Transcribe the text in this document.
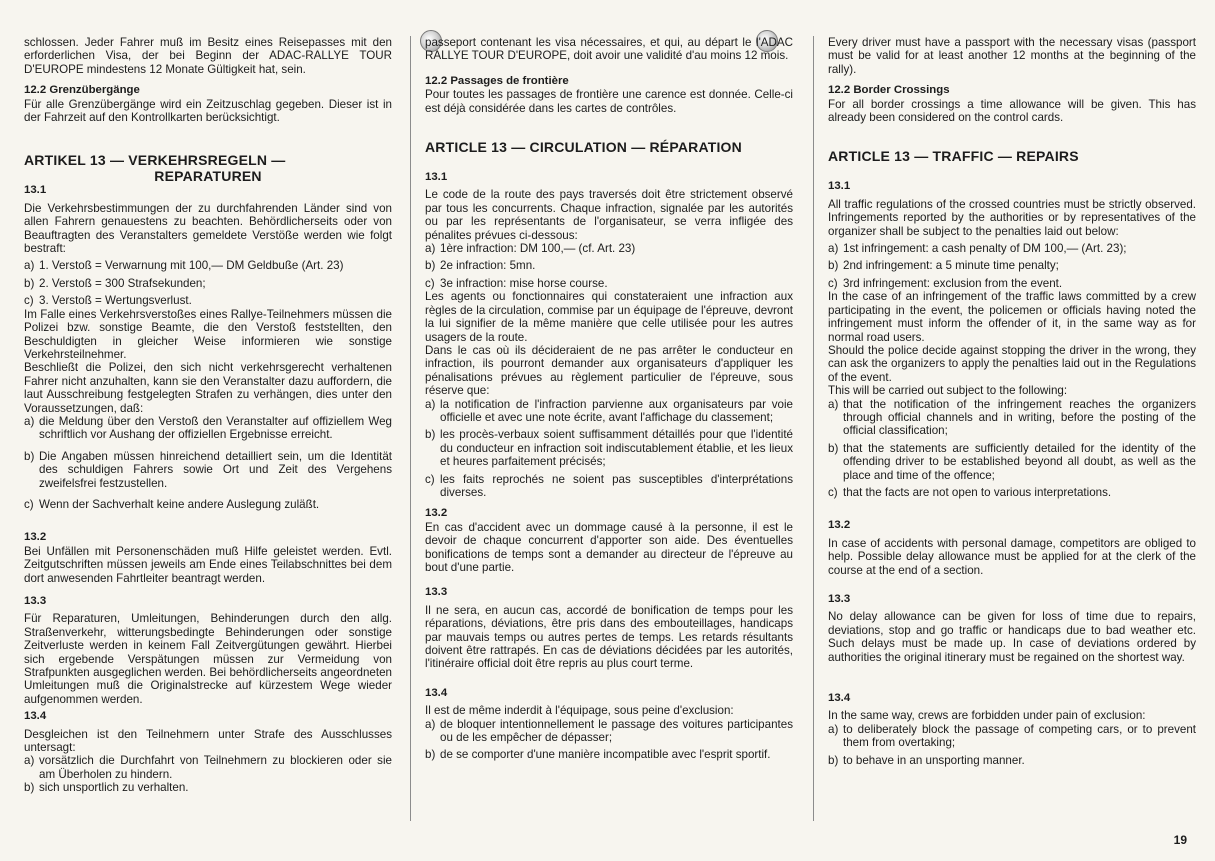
schlossen. Jeder Fahrer muß im Besitz eines Reisepasses mit den erforderlichen Visa, der bei Beginn der ADAC-RALLYE TOUR D'EUROPE mindestens 12 Monate Gültigkeit hat, sein.

12.2 Grenzübergänge

Für alle Grenzübergänge wird ein Zeitzuschlag gegeben. Dieser ist in der Fahrzeit auf den Kontrollkarten berücksichtigt.

ARTIKEL 13 — VERKEHRSREGELN —

REPARATUREN

13.1

Die Verkehrsbestimmungen der zu durchfahrenden Länder sind von allen Fahrern genauestens zu beachten. Behördlicherseits oder von Beauftragten des Veranstalters gemeldete Verstöße werden wie folgt bestraft:

a) 1. Verstoß = Verwarnung mit 100,— DM Geldbuße (Art. 23)
b) 2. Verstoß = 300 Strafsekunden;
c) 3. Verstoß = Wertungsverlust.

Im Falle eines Verkehrsverstoßes eines Rallye-Teilnehmers müssen die Polizei bzw. sonstige Beamte, die den Verstoß feststellten, den Beschuldigten in gleicher Weise informieren wie sonstige Verkehrsteilnehmer.

Beschließt die Polizei, den sich nicht verkehrsgerecht verhaltenen Fahrer nicht anzuhalten, kann sie den Veranstalter dazu auffordern, die laut Ausschreibung festgelegten Strafen zu verhängen, dies unter den Voraussetzungen, daß:

a) die Meldung über den Verstoß den Veranstalter auf offiziellem Weg schriftlich vor Aushang der offiziellen Ergebnisse erreicht.
b) Die Angaben müssen hinreichend detailliert sein, um die Identität des schuldigen Fahrers sowie Ort und Zeit des Vergehens zweifelsfrei festzustellen.
c) Wenn der Sachverhalt keine andere Auslegung zuläßt.

13.2

Bei Unfällen mit Personenschäden muß Hilfe geleistet werden. Evtl. Zeitgutschriften müssen jeweils am Ende eines Teilabschnittes bei dem dort anwesenden Fahrtleiter beantragt werden.

13.3

Für Reparaturen, Umleitungen, Behinderungen durch den allg. Straßenverkehr, witterungsbedingte Behinderungen oder sonstige Zeitverluste werden in keinem Fall Zeitvergütungen gewährt. Hierbei sich ergebende Verspätungen müssen zur Vermeidung von Strafpunkten ausgeglichen werden. Bei behördlicherseits angeordneten Umleitungen muß die Originalstrecke auf kürzestem Wege wieder aufgenommen werden.

13.4

Desgleichen ist den Teilnehmern unter Strafe des Ausschlusses untersagt:

a) vorsätzlich die Durchfahrt von Teilnehmern zu blockieren oder sie am Überholen zu hindern.
b) sich unsportlich zu verhalten.

passeport contenant les visa nécessaires, et qui, au départ le l'ADAC RALLYE TOUR D'EUROPE, doit avoir une validité d'au moins 12 mois.

12.2 Passages de frontière

Pour toutes les passages de frontière une carence est donnée. Celle-ci est déjà considérée dans les cartes de contrôles.

ARTICLE 13 — CIRCULATION — RÉPARATION

13.1

Le code de la route des pays traversés doit être strictement observé par tous les concurrents. Chaque infraction, signalée par les autorités ou par les représentants de l'organisateur, se verra infligée des pénalites prévues ci-dessous:

a) 1ère infraction: DM 100,— (cf. Art. 23)
b) 2e infraction: 5mn.
c) 3e infraction: mise horse course.

Les agents ou fonctionnaires qui constateraient une infraction aux règles de la circulation, commise par un équipage de l'épreuve, devront la lui signifier de la même manière que celle utilisée pour les autres usagers de la route.

Dans le cas où ils décideraient de ne pas arrêter le conducteur en infraction, ils pourront demander aux organisateurs d'appliquer les pénalisations prévues au règlement particulier de l'épreuve, sous réserve que:

a) la notification de l'infraction parvienne aux organisateurs par voie officielle et avec une note écrite, avant l'affichage du classement;
b) les procès-verbaux soient suffisamment détaillés pour que l'identité du conducteur en infraction soit indiscutablement établie, et les lieux et heures parfaitement précisés;
c) les faits reprochés ne soient pas susceptibles d'interprétations diverses.

13.2

En cas d'accident avec un dommage causé à la personne, il est le devoir de chaque concurrent d'apporter son aide. Des éventuelles bonifications de temps sont a demander au directeur de l'épreuve au bout d'une partie.

13.3

Il ne sera, en aucun cas, accordé de bonification de temps pour les réparations, déviations, être pris dans des embouteillages, handicaps par mauvais temps ou autres pertes de temps. Les retards résultants doivent être rattrapés. En cas de déviations décidées par les autorités, l'itinéraire official doit être repris au plus court terme.

13.4

Il est de même inderdit à l'équipage, sous peine d'exclusion:

a) de bloquer intentionnellement le passage des voitures participantes ou de les empêcher de dépasser;
b) de se comporter d'une manière incompatible avec l'esprit sportif.

Every driver must have a passport with the necessary visas (passport must be valid for at least another 12 months at the beginning of the rally).

12.2 Border Crossings

For all border crossings a time allowance will be given. This has already been considered on the control cards.

ARTICLE 13 — TRAFFIC — REPAIRS

13.1

All traffic regulations of the crossed countries must be strictly observed. Infringements reported by the authorities or by representatives of the organizer shall be subject to the penalties laid out below:

a) 1st infringement: a cash penalty of DM 100,— (Art. 23);
b) 2nd infringement: a 5 minute time penalty;
c) 3rd infringement: exclusion from the event.

In the case of an infringement of the traffic laws committed by a crew participating in the event, the policemen or officials having noted the infringement must inform the offender of it, in the same way as for normal road users.

Should the police decide against stopping the driver in the wrong, they can ask the organizers to apply the penalties laid out in the Regulations of the event.

This will be carried out subject to the following:

a) that the notification of the infringement reaches the organizers through official channels and in writing, before the posting of the official classification;
b) that the statements are sufficiently detailed for the identity of the offending driver to be established beyond all doubt, as well as the place and time of the offence;
c) that the facts are not open to various interpretations.

13.2

In case of accidents with personal damage, competitors are obliged to help. Possible delay allowance must be applied for at the clerk of the course at the end of a section.

13.3

No delay allowance can be given for loss of time due to repairs, deviations, stop and go traffic or handicaps due to bad weather etc. Such delays must be made up. In case of deviations ordered by authorities the original itinerary must be regained on the shortest way.

13.4

In the same way, crews are forbidden under pain of exclusion:

a) to deliberately block the passage of competing cars, or to prevent them from overtaking;
b) to behave in an unsporting manner.
19
